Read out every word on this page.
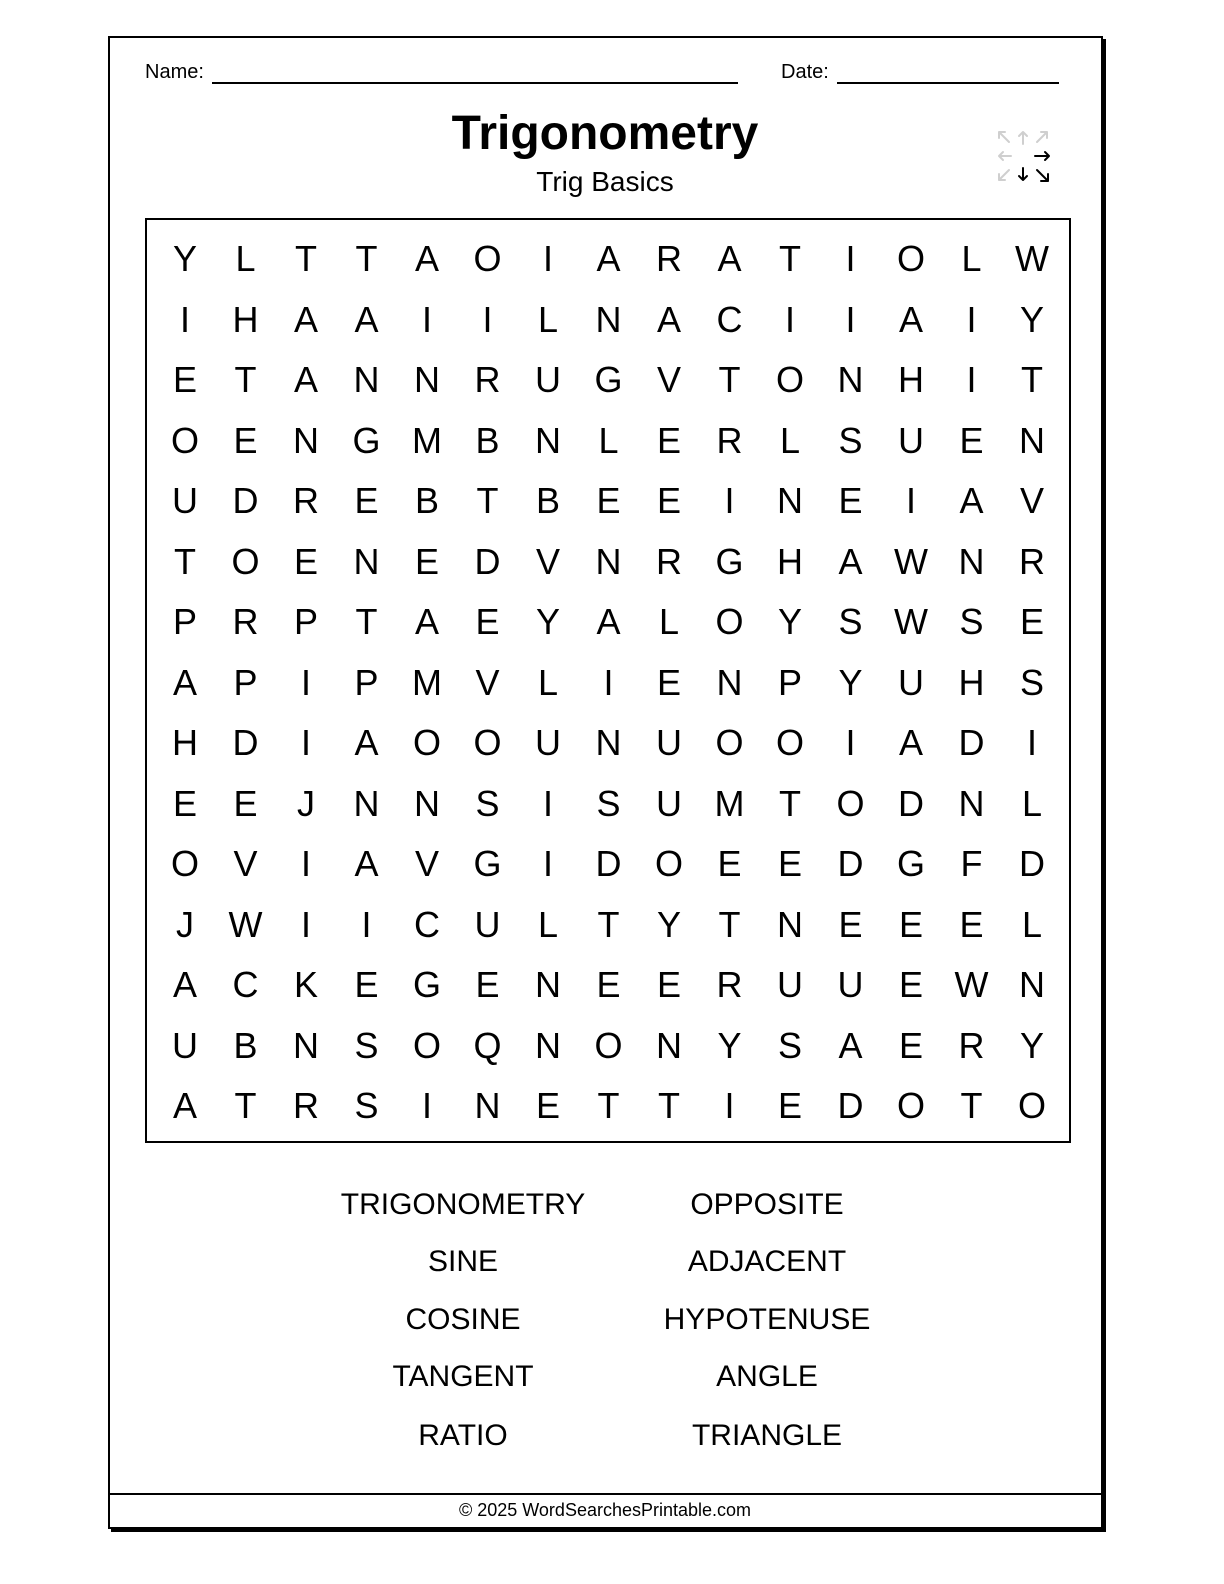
Name:	Date:
Trigonometry
Trig Basics
Y	L	T	T	A O	I	A R A	T	I	O	L W
I	H A	A	I	I	L	N A C	I	I	A	I	Y
E	T	A N N R U G V	T O N H	I	T
O E N G M B N	L	E R	L	S U E N
U D R E	B	T	B	E	E	I	N E	I	A	V
T O E N E D V N R G H A W N R
P R P	T	A	E	Y	A	L	O Y	S W S	E
A	P	I	P M V	L	I	E N P	Y U H S
H D	I	A O O U N U O O	I	A D	I
E	E	J	N N S	I	S U M T O D N	L
O V	I	A	V G	I	D O E	E D G F	D
J W	I	I	C U	L	T	Y	T	N E	E	E	L
A C K	E G E N E	E R U U E W N
U B N S O Q N O N Y	S	A	E R Y
A	T	R S	I	N E	T	T	I	E D O T O
TRIGONOMETRY	OPPOSITE
SINE	ADJACENT
COSINE	HYPOTENUSE
TANGENT	ANGLE
RATIO	TRIANGLE
© 2025 WordSearchesPrintable.com
